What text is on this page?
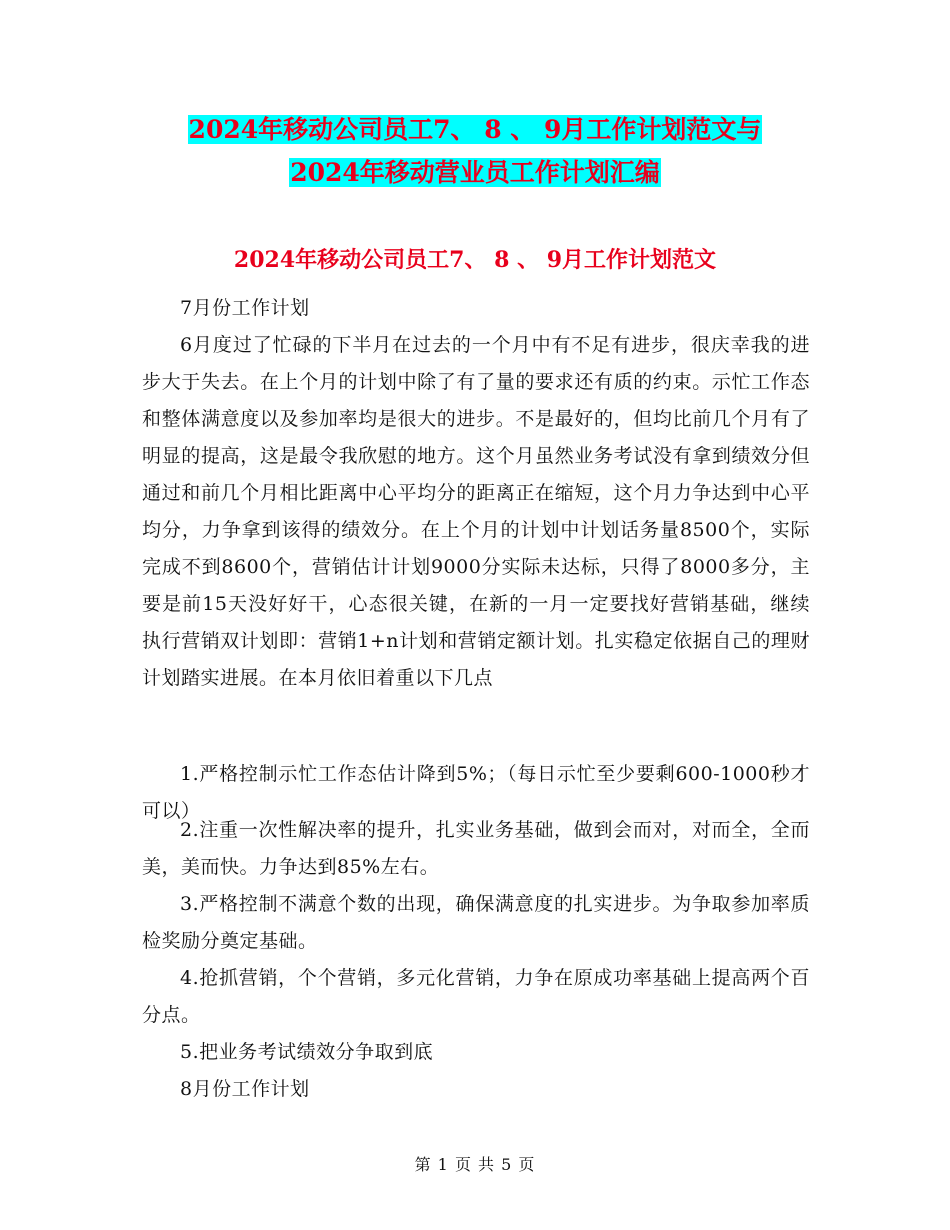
2024年移动公司员工7、 8 、 9月工作计划范文与
2024年移动营业员工作计划汇编
2024年移动公司员工7、 8 、 9月工作计划范文

7月份工作计划

6月度过了忙碌的下半月在过去的一个月中有不足有进步，很庆幸我的进步大于失去。在上个月的计划中除了有了量的要求还有质的约束。示忙工作态和整体满意度以及参加率均是很大的进步。不是最好的，但均比前几个月有了明显的提高，这是最令我欣慰的地方。这个月虽然业务考试没有拿到绩效分但通过和前几个月相比距离中心平均分的距离正在缩短，这个月力争达到中心平均分，力争拿到该得的绩效分。在上个月的计划中计划话务量8500个，实际完成不到8600个，营销估计计划9000分实际未达标，只得了8000多分，主要是前15天没好好干，心态很关键，在新的一月一定要找好营销基础，继续执行营销双计划即：营销1+n计划和营销定额计划。扎实稳定依据自己的理财计划踏实进展。在本月依旧着重以下几点

1.严格控制示忙工作态估计降到5%；（每日示忙至少要剩600-1000秒才可以）

2.注重一次性解决率的提升，扎实业务基础，做到会而对，对而全，全而美，美而快。力争达到85%左右。

3.严格控制不满意个数的出现，确保满意度的扎实进步。为争取参加率质检奖励分奠定基础。

4.抢抓营销，个个营销，多元化营销，力争在原成功率基础上提高两个百分点。

5.把业务考试绩效分争取到底

8月份工作计划

第 1 页 共 5 页
